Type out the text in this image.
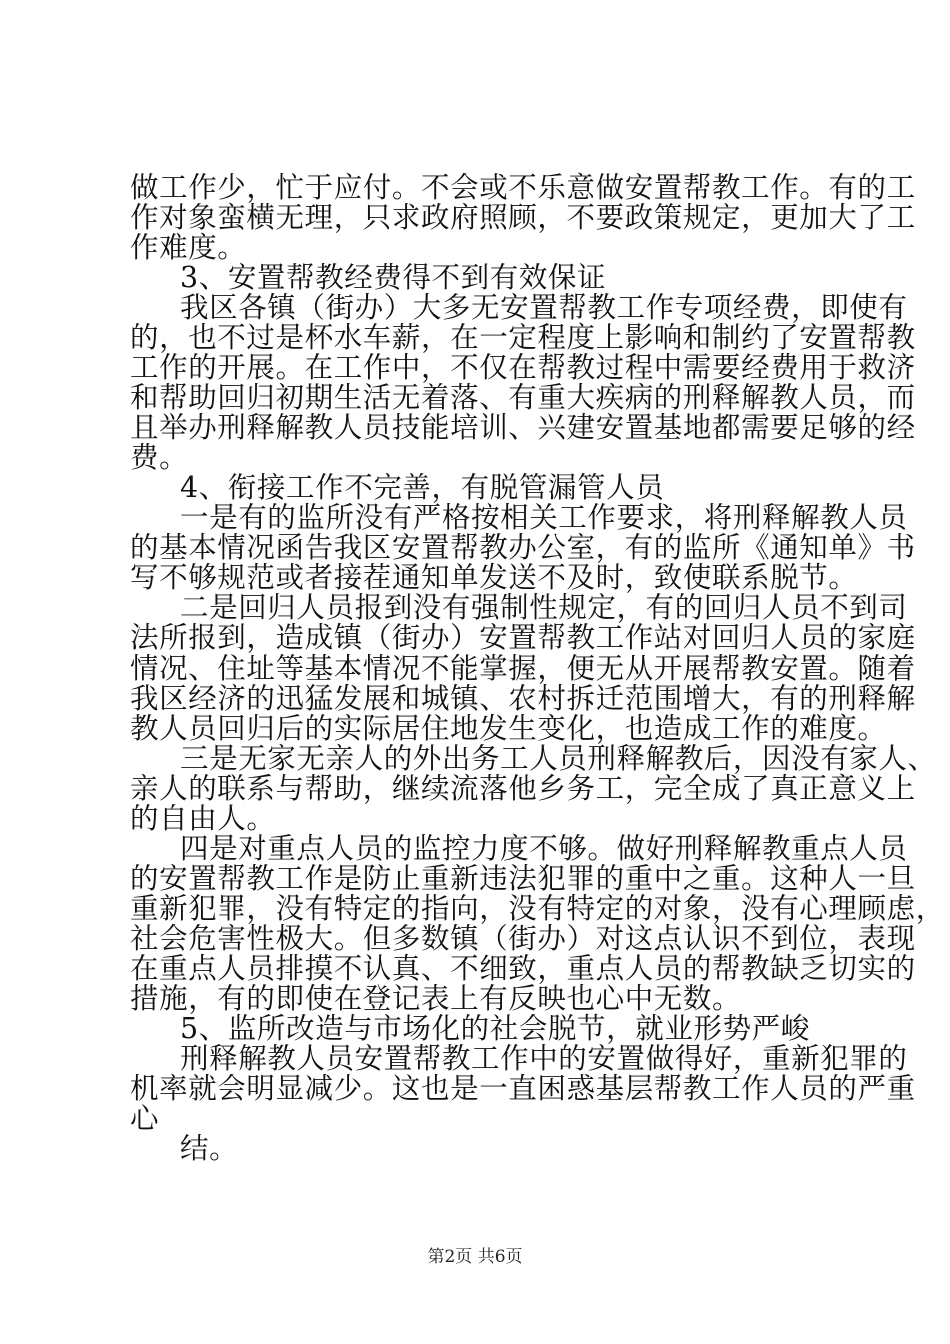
做工作少，忙于应付。不会或不乐意做安置帮教工作。有的工
作对象蛮横无理，只求政府照顾，不要政策规定，更加大了工
作难度。
3、安置帮教经费得不到有效保证
我区各镇（街办）大多无安置帮教工作专项经费，即使有
的，也不过是杯水车薪，在一定程度上影响和制约了安置帮教
工作的开展。在工作中，不仅在帮教过程中需要经费用于救济
和帮助回归初期生活无着落、有重大疾病的刑释解教人员，而
且举办刑释解教人员技能培训、兴建安置基地都需要足够的经
费。
4、衔接工作不完善，有脱管漏管人员
一是有的监所没有严格按相关工作要求，将刑释解教人员
的基本情况函告我区安置帮教办公室，有的监所《通知单》书
写不够规范或者接茬通知单发送不及时，致使联系脱节。
二是回归人员报到没有强制性规定，有的回归人员不到司
法所报到，造成镇（街办）安置帮教工作站对回归人员的家庭
情况、住址等基本情况不能掌握，便无从开展帮教安置。随着
我区经济的迅猛发展和城镇、农村拆迁范围增大，有的刑释解
教人员回归后的实际居住地发生变化，也造成工作的难度。
三是无家无亲人的外出务工人员刑释解教后，因没有家人、
亲人的联系与帮助，继续流落他乡务工，完全成了真正意义上
的自由人。
四是对重点人员的监控力度不够。做好刑释解教重点人员
的安置帮教工作是防止重新违法犯罪的重中之重。这种人一旦
重新犯罪，没有特定的指向，没有特定的对象，没有心理顾虑，
社会危害性极大。但多数镇（街办）对这点认识不到位，表现
在重点人员排摸不认真、不细致，重点人员的帮教缺乏切实的
措施，有的即使在登记表上有反映也心中无数。
5、监所改造与市场化的社会脱节，就业形势严峻
刑释解教人员安置帮教工作中的安置做得好，重新犯罪的
机率就会明显减少。这也是一直困惑基层帮教工作人员的严重
心
结。
第2页 共6页
